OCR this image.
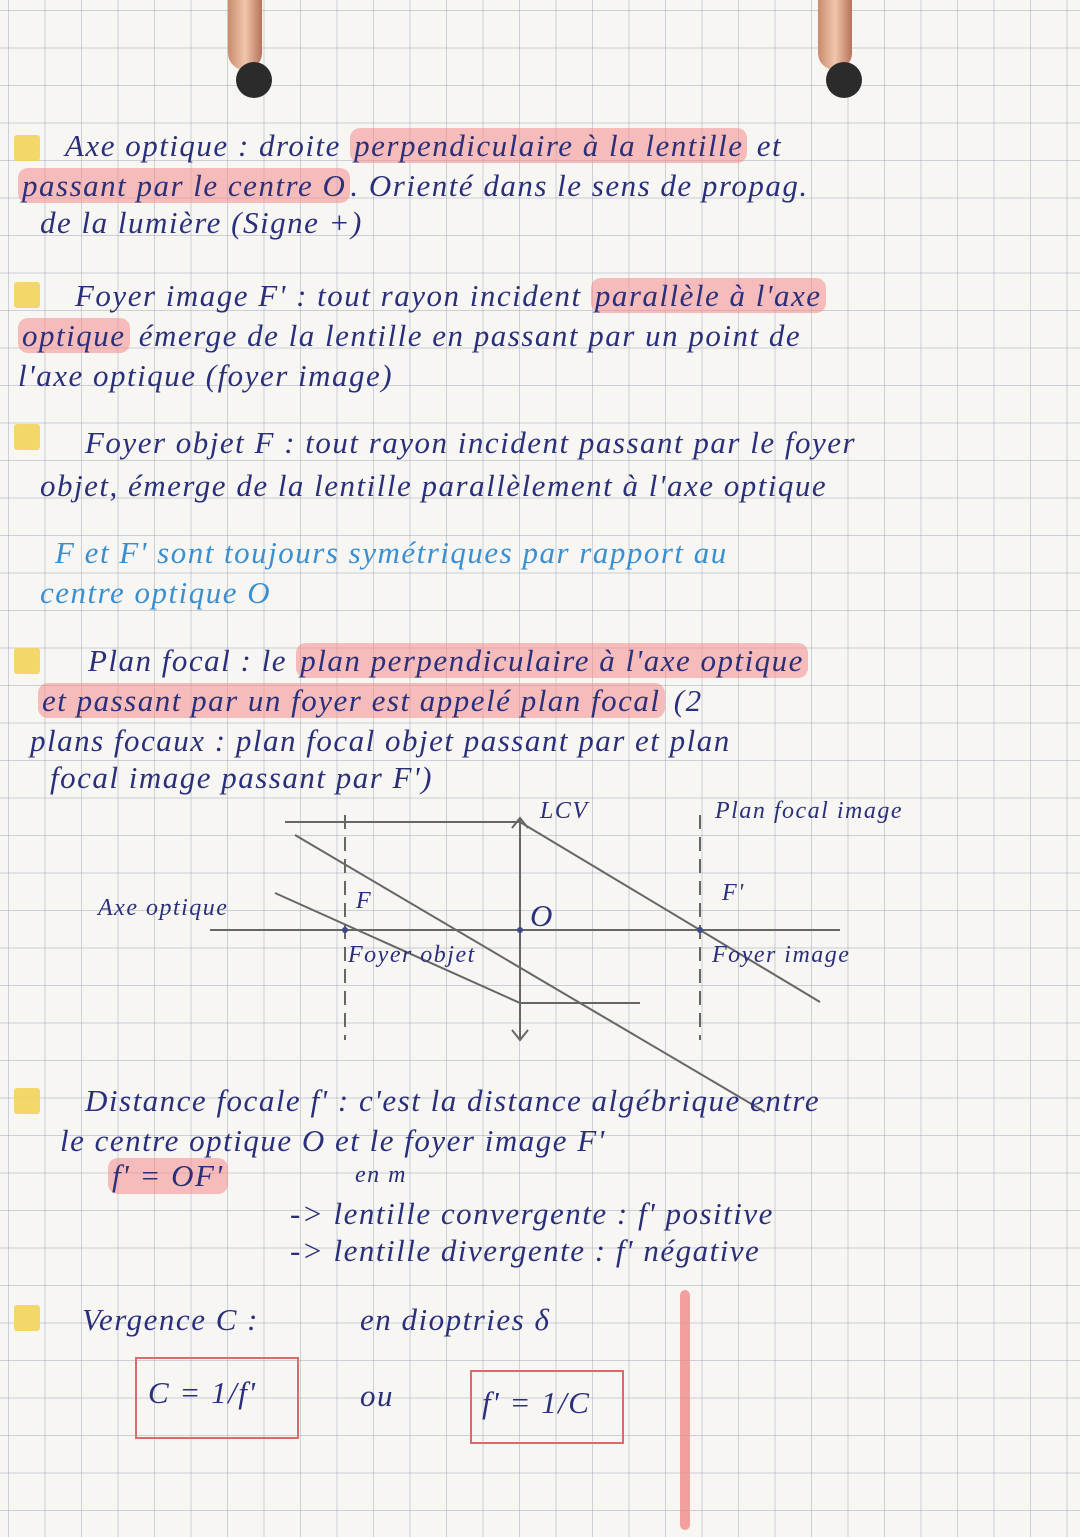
Axe optique : droite perpendiculaire à la lentille et
passant par le centre O . Orienté dans le sens de propag.
de la lumière (Signe +)
Foyer image F' : tout rayon incident parallèle à l'axe
optique émerge de la lentille en passant par un point de
l'axe optique (foyer image)
Foyer objet F : tout rayon incident passant par le foyer
objet, émerge de la lentille parallèlement à l'axe optique
F et F' sont toujours symétriques par rapport au
centre optique O
Plan focal : le plan perpendiculaire à l'axe optique
et passant par un foyer est appelé plan focal (2
plans focaux : plan focal objet passant par et plan
focal image passant par F')
LCV	Plan focal image
Axe optique	F	O
F'
Foyer objet	Foyer image
Distance focale f' : c'est la distance algébrique entre
le centre optique O et le foyer image F'
f' = OF'	en m
-> lentille convergente : f' positive
-> lentille divergente : f' négative
Vergence C :	en dioptries δ
C = 1/f'	ou	f' = 1/C
